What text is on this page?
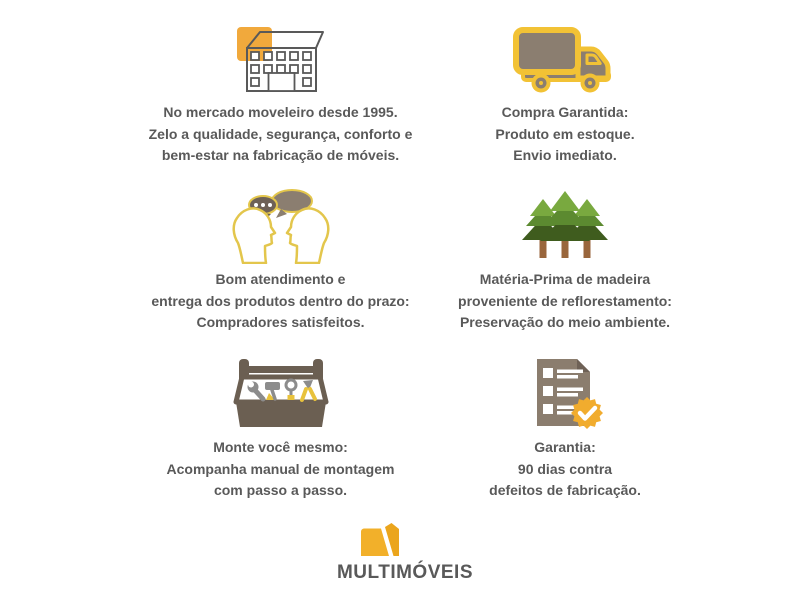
No mercado moveleiro desde 1995.
Zelo a qualidade, segurança, conforto e
bem-estar na fabricação de móveis.
Compra Garantida:
Produto em estoque.
Envio imediato.
Bom atendimento e
entrega dos produtos dentro do prazo:
Compradores satisfeitos.
Matéria-Prima de madeira
proveniente de reflorestamento:
Preservação do meio ambiente.
Monte você mesmo:
Acompanha manual de montagem
com passo a passo.
Garantia:
90 dias contra
defeitos de fabricação.
MULTIMÓVEIS
